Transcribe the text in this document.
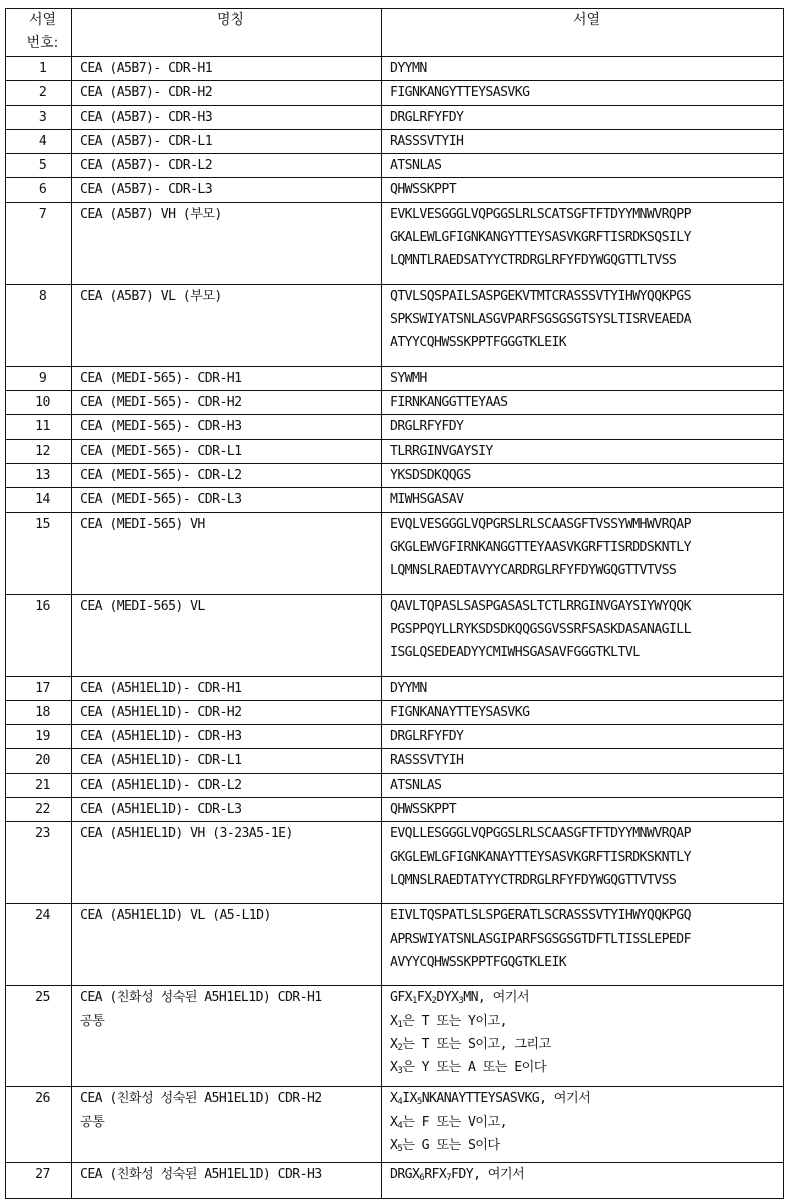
서열
번호:	명칭	서열
1	CEA (A5B7)- CDR-H1	DYYMN

2	CEA (A5B7)- CDR-H2	FIGNKANGYTTEYSASVKG

3	CEA (A5B7)- CDR-H3	DRGLRFYFDY

4	CEA (A5B7)- CDR-L1	RASSSVTYIH

5	CEA (A5B7)- CDR-L2	ATSNLAS

6	CEA (A5B7)- CDR-L3	QHWSSKPPT

7	CEA (A5B7) VH (부모)	EVKLVESGGGLVQPGGSLRLSCATSGFTFTDYYMNWVRQPP
GKALEWLGFIGNKANGYTTEYSASVKGRFTISRDKSQSILY
LQMNTLRAEDSATYYCTRDRGLRFYFDYWGQGTTLTVSS

8	CEA (A5B7) VL (부모)	QTVLSQSPAILSASPGEKVTMTCRASSSVTYIHWYQQKPGS
SPKSWIYATSNLASGVPARFSGSGSGTSYSLTISRVEAEDA
ATYYCQHWSSKPPTFGGGTKLEIK

9	CEA (MEDI-565)- CDR-H1	SYWMH

10	CEA (MEDI-565)- CDR-H2	FIRNKANGGTTEYAAS

11	CEA (MEDI-565)- CDR-H3	DRGLRFYFDY

12	CEA (MEDI-565)- CDR-L1	TLRRGINVGAYSIY

13	CEA (MEDI-565)- CDR-L2	YKSDSDKQQGS

14	CEA (MEDI-565)- CDR-L3	MIWHSGASAV

15	CEA (MEDI-565) VH	EVQLVESGGGLVQPGRSLRLSCAASGFTVSSYWMHWVRQAP
GKGLEWVGFIRNKANGGTTEYAASVKGRFTISRDDSKNTLY
LQMNSLRAEDTAVYYCARDRGLRFYFDYWGQGTTVTVSS

16	CEA (MEDI-565) VL	QAVLTQPASLSASPGASASLTCTLRRGINVGAYSIYWYQQK
PGSPPQYLLRYKSDSDKQQGSGVSSRFSASKDASANAGILL
ISGLQSEDEADYYCMIWHSGASAVFGGGTKLTVL

17	CEA (A5H1EL1D)- CDR-H1	DYYMN

18	CEA (A5H1EL1D)- CDR-H2	FIGNKANAYTTEYSASVKG

19	CEA (A5H1EL1D)- CDR-H3	DRGLRFYFDY

20	CEA (A5H1EL1D)- CDR-L1	RASSSVTYIH

21	CEA (A5H1EL1D)- CDR-L2	ATSNLAS

22	CEA (A5H1EL1D)- CDR-L3	QHWSSKPPT

23	CEA (A5H1EL1D) VH (3-23A5-1E)	EVQLLESGGGLVQPGGSLRLSCAASGFTFTDYYMNWVRQAP
GKGLEWLGFIGNKANAYTTEYSASVKGRFTISRDKSKNTLY
LQMNSLRAEDTATYYCTRDRGLRFYFDYWGQGTTVTVSS

24	CEA (A5H1EL1D) VL (A5-L1D)	EIVLTQSPATLSLSPGERATLSCRASSSVTYIHWYQQKPGQ
APRSWIYATSNLASGIPARFSGSGSGTDFTLTISSLEPEDF
AVYYCQHWSSKPPTFGQGTKLEIK

25	CEA (친화성 성숙된 A5H1EL1D) CDR-H1
공통	$GFX_1FX_2DYX_3MN$, 여기서
$X_1$은 T 또는 Y이고,
$X_2$는 T 또는 S이고, 그리고
$X_3$은 Y 또는 A 또는 E이다

26	CEA (친화성 성숙된 A5H1EL1D) CDR-H2
공통	$X_4IX_5NKANAYTTEYSASVKG$, 여기서
$X_4$는 F 또는 V이고,
$X_5$는 G 또는 S이다

27	CEA (친화성 성숙된 A5H1EL1D) CDR-H3	$DRGX_6RFX_7FDY$, 여기서
